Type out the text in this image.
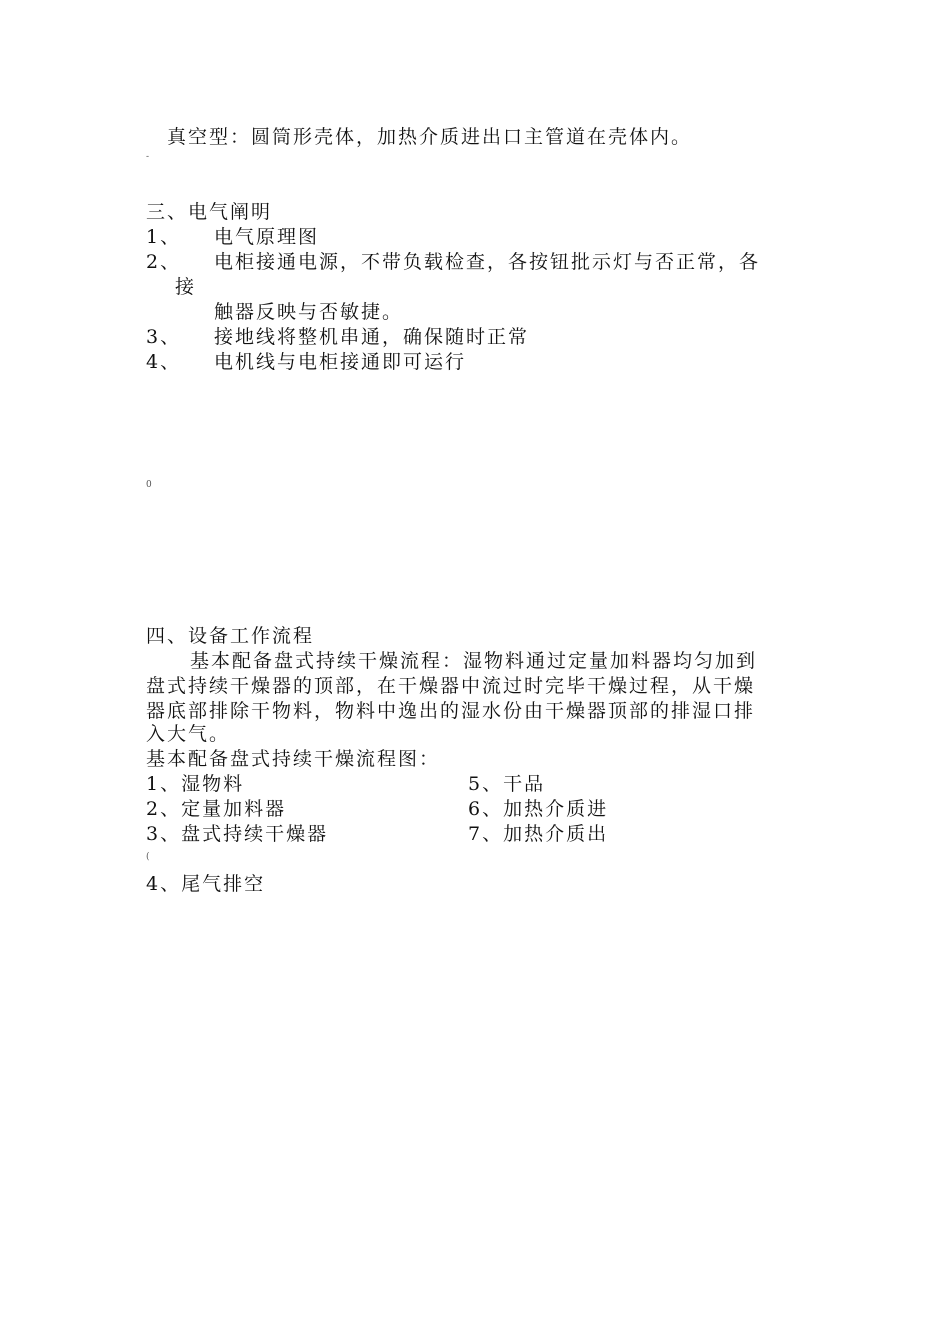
真空型：圆筒形壳体，加热介质进出口主管道在壳体内。
-
三、电气阐明
1、 电气原理图
2、 电柜接通电源，不带负载检查，各按钮批示灯与否正常，各
接
触器反映与否敏捷。
3、 接地线将整机串通，确保随时正常
4、 电机线与电柜接通即可运行
0
四、设备工作流程
基本配备盘式持续干燥流程：湿物料通过定量加料器均匀加到
盘式持续干燥器的顶部，在干燥器中流过时完毕干燥过程，从干燥
器底部排除干物料，物料中逸出的湿水份由干燥器顶部的排湿口排
入大气。
基本配备盘式持续干燥流程图：
1、湿物料	5、干品
2、定量加料器	6、加热介质进
3、盘式持续干燥器	7、加热介质出
(
4、尾气排空
